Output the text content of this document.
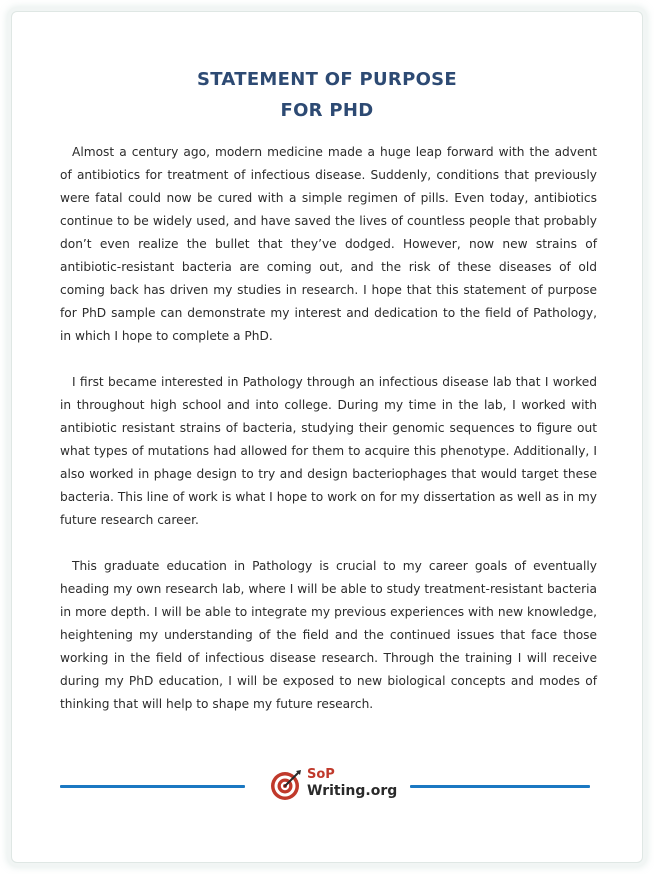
STATEMENT OF PURPOSE
FOR PHD

Almost a century ago, modern medicine made a huge leap forward with the advent of antibiotics for treatment of infectious disease. Suddenly, conditions that previously were fatal could now be cured with a simple regimen of pills. Even today, antibiotics continue to be widely used, and have saved the lives of countless people that probably don’t even realize the bullet that they’ve dodged. However, now new strains of antibiotic-resistant bacteria are coming out, and the risk of these diseases of old coming back has driven my studies in research. I hope that this statement of purpose for PhD sample can demonstrate my interest and dedication to the field of Pathology, in which I hope to complete a PhD.

I first became interested in Pathology through an infectious disease lab that I worked in throughout high school and into college. During my time in the lab, I worked with antibiotic resistant strains of bacteria, studying their genomic sequences to figure out what types of mutations had allowed for them to acquire this phenotype. Additionally, I also worked in phage design to try and design bacteriophages that would target these bacteria. This line of work is what I hope to work on for my dissertation as well as in my future research career.

This graduate education in Pathology is crucial to my career goals of eventually heading my own research lab, where I will be able to study treatment-resistant bacteria in more depth. I will be able to integrate my previous experiences with new knowledge, heightening my understanding of the field and the continued issues that face those working in the field of infectious disease research. Through the training I will receive during my PhD education, I will be exposed to new biological concepts and modes of thinking that will help to shape my future research.

SoP
Writing.org
